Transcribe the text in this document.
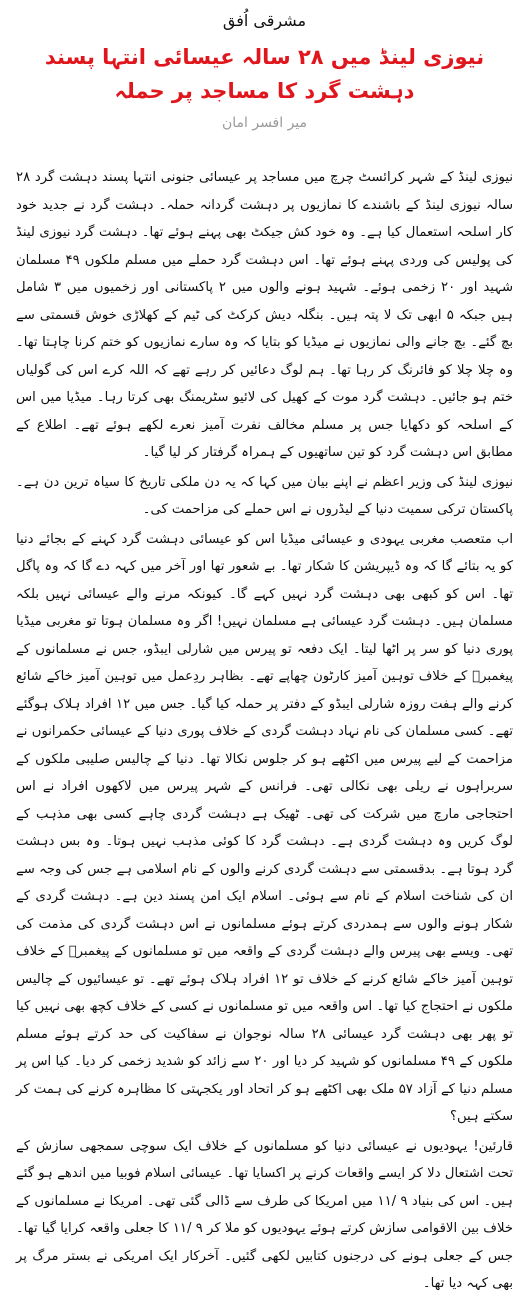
مشرقی اُفق

نیوزی لینڈ میں ۲۸ سالہ عیسائی انتہا پسند دہشت گرد کا مساجد پر حملہ

میر افسر امان

نیوزی لینڈ کے شہر کرائسٹ چرچ میں مساجد پر عیسائی جنونی انتہا پسند دہشت گرد ۲۸ سالہ نیوزی لینڈ کے باشندے کا نمازیوں پر دہشت گردانہ حملہ۔ دہشت گرد نے جدید خود کار اسلحہ استعمال کیا ہے۔ وہ خود کش جیکٹ بھی پہنے ہوئے تھا۔ دہشت گرد نیوزی لینڈ کی پولیس کی وردی پہنے ہوئے تھا۔ اس دہشت گرد حملے میں مسلم ملکوں ۴۹ مسلمان شہید اور ۲۰ زخمی ہوئے۔ شہید ہونے والوں میں ۲ پاکستانی اور زخمیوں میں ۳ شامل ہیں جبکہ ۵ ابھی تک لا پتہ ہیں۔ بنگلہ دیش کرکٹ کی ٹیم کے کھلاڑی خوش قسمتی سے بچ گئے۔ بچ جانے والی نمازیوں نے میڈیا کو بتایا کہ وہ سارے نمازیوں کو ختم کرنا چاہتا تھا۔ وہ چلا چلا کو فائرنگ کر رہا تھا۔ ہم لوگ دعائیں کر رہے تھے کہ اللہ کرے اس کی گولیاں ختم ہو جائیں۔ دہشت گرد موت کے کھیل کی لائیو سٹریمنگ بھی کرتا رہا۔ میڈیا میں اس کے اسلحہ کو دکھایا جس پر مسلم مخالف نفرت آمیز نعرے لکھے ہوئے تھے۔ اطلاع کے مطابق اس دہشت گرد کو تین ساتھیوں کے ہمراہ گرفتار کر لیا گیا۔

نیوزی لینڈ کی وزیر اعظم نے اپنے بیان میں کہا کہ یہ دن ملکی تاریخ کا سیاہ ترین دن ہے۔ پاکستان ترکی سمیت دنیا کے لیڈروں نے اس حملے کی مزاحمت کی۔

اب متعصب مغربی یہودی و عیسائی میڈیا اس کو عیسائی دہشت گرد کہنے کے بجائے دنیا کو یہ بتائے گا کہ وہ ڈیپریشن کا شکار تھا۔ بے شعور تھا اور آخر میں کہہ دے گا کہ وہ پاگل تھا۔ اس کو کبھی بھی دہشت گرد نہیں کہے گا۔ کیونکہ مرنے والے عیسائی نہیں بلکہ مسلمان ہیں۔ دہشت گرد عیسائی ہے مسلمان نہیں! اگر وہ مسلمان ہوتا تو مغربی میڈیا پوری دنیا کو سر پر اٹھا لیتا۔ ایک دفعہ تو پیرس میں شارلی ایبڈو، جس نے مسلمانوں کے پیغمبرؐ کے خلاف توہین آمیز کارٹون چھاپے تھے۔ بظاہر ردِعمل میں توہین آمیز خاکے شائع کرنے والے ہفت روزہ شارلی ایبڈو کے دفتر پر حملہ کیا گیا۔ جس میں ۱۲ افراد ہلاک ہوگئے تھے۔ کسی مسلمان کی نام نہاد دہشت گردی کے خلاف پوری دنیا کے عیسائی حکمرانوں نے مزاحمت کے لیے پیرس میں اکٹھے ہو کر جلوس نکالا تھا۔ دنیا کے چالیس صلیبی ملکوں کے سربراہوں نے ریلی بھی نکالی تھی۔ فرانس کے شہر پیرس میں لاکھوں افراد نے اس احتجاجی مارچ میں شرکت کی تھی۔ ٹھیک ہے دہشت گردی چاہے کسی بھی مذہب کے لوگ کریں وہ دہشت گردی ہے۔ دہشت گرد کا کوئی مذہب نہیں ہوتا۔ وہ بس دہشت گرد ہوتا ہے۔ بدقسمتی سے دہشت گردی کرنے والوں کے نام اسلامی ہے جس کی وجہ سے ان کی شناخت اسلام کے نام سے ہوئی۔ اسلام ایک امن پسند دین ہے۔ دہشت گردی کے شکار ہونے والوں سے ہمدردی کرتے ہوئے مسلمانوں نے اس دہشت گردی کی مذمت کی تھی۔ ویسے بھی پیرس والے دہشت گردی کے واقعہ میں تو مسلمانوں کے پیغمبرؐ کے خلاف توہین آمیز خاکے شائع کرنے کے خلاف تو ۱۲ افراد ہلاک ہوئے تھے۔ تو عیسائیوں کے چالیس ملکوں نے احتجاج کیا تھا۔ اس واقعہ میں تو مسلمانوں نے کسی کے خلاف کچھ بھی نہیں کیا تو پھر بھی دہشت گرد عیسائی ۲۸ سالہ نوجوان نے سفاکیت کی حد کرتے ہوئے مسلم ملکوں کے ۴۹ مسلمانوں کو شہید کر دیا اور ۲۰ سے زائد کو شدید زخمی کر دیا۔ کیا اس پر مسلم دنیا کے آزاد ۵۷ ملک بھی اکٹھے ہو کر اتحاد اور یکجہتی کا مظاہرہ کرنے کی ہمت کر سکتے ہیں؟

قارئین! یہودیوں نے عیسائی دنیا کو مسلمانوں کے خلاف ایک سوچی سمجھی سازش کے تحت اشتعال دلا کر ایسے واقعات کرنے پر اکسایا تھا۔ عیسائی اسلام فوبیا میں اندھے ہو گئے ہیں۔ اس کی بنیاد ۹ /۱۱ میں امریکا کی طرف سے ڈالی گئی تھی۔ امریکا نے مسلمانوں کے خلاف بین الاقوامی سازش کرتے ہوئے یہودیوں کو ملا کر ۹ /۱۱ کا جعلی واقعہ کرایا گیا تھا۔ جس کے جعلی ہونے کی درجنوں کتابیں لکھی گئیں۔ آخرکار ایک امریکی نے بستر مرگ پر بھی کہہ دیا تھا۔
